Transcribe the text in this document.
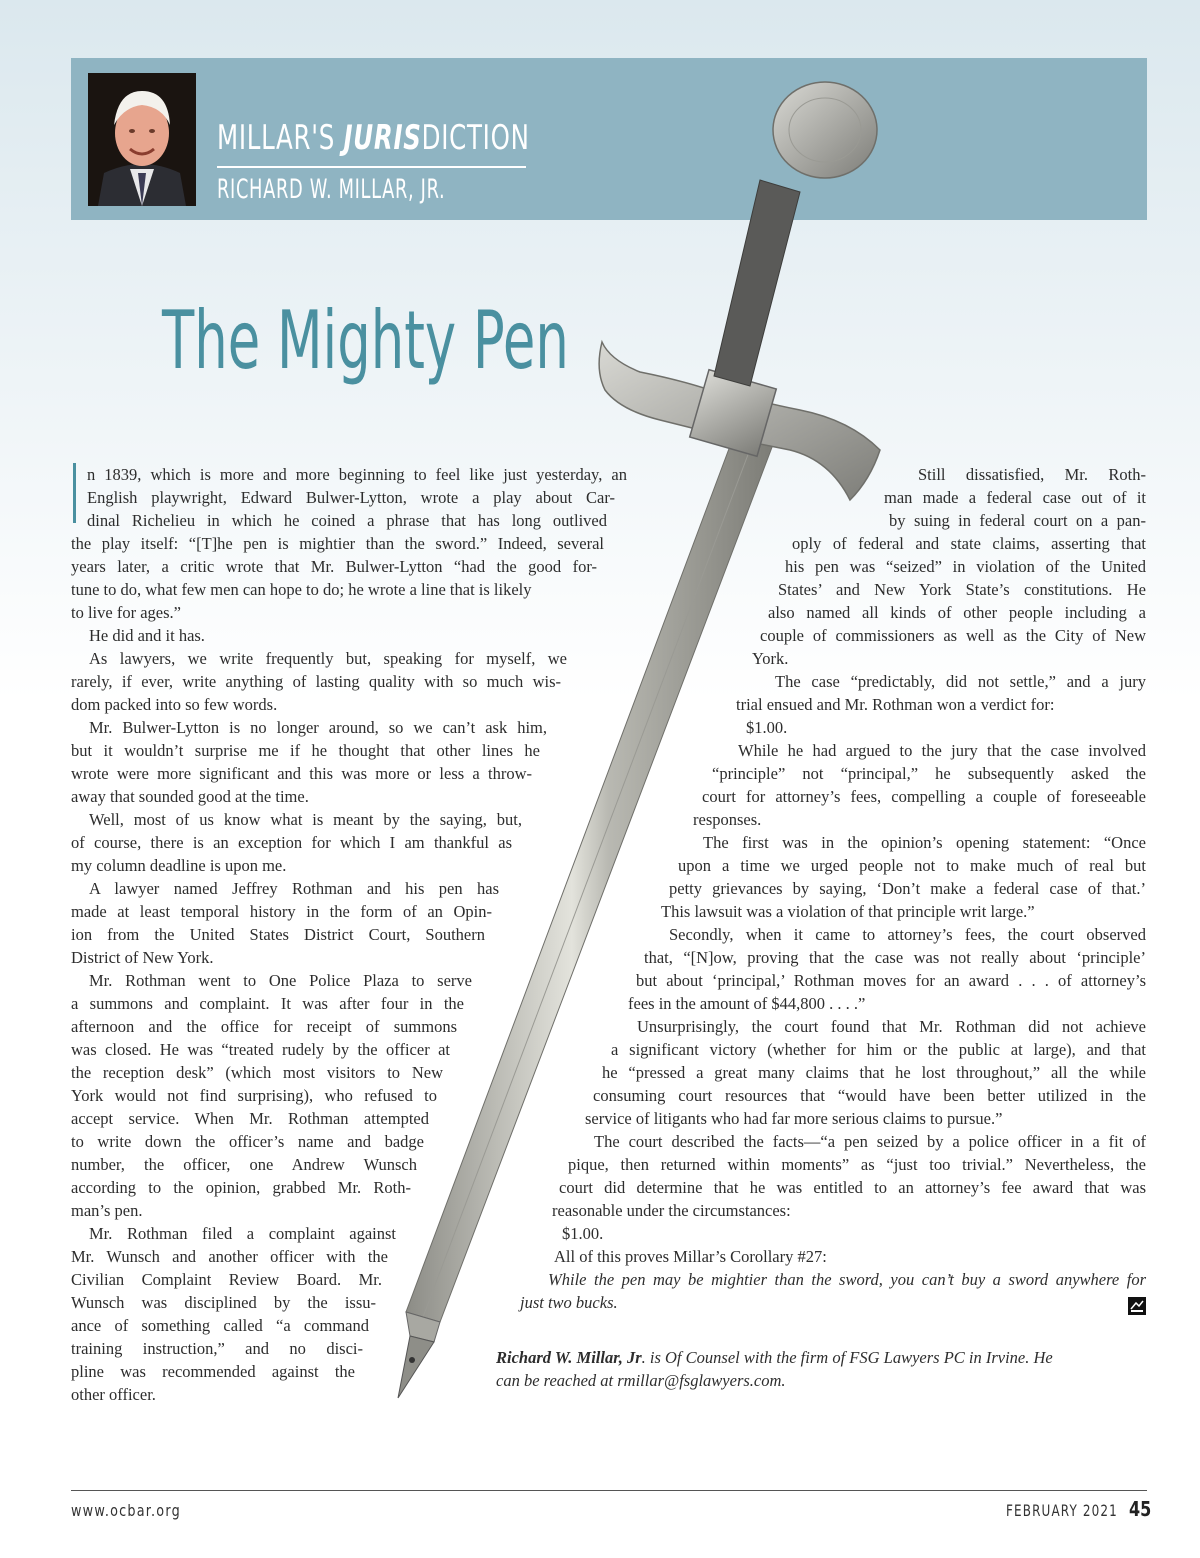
MILLAR'S JURISDICTION
RICHARD W. MILLAR, JR.
The Mighty Pen
n 1839, which is more and more beginning to feel like just yesterday, an
English playwright, Edward Bulwer-Lytton, wrote a play about Car-
dinal Richelieu in which he coined a phrase that has long outlived
the play itself: “[T]he pen is mightier than the sword.” Indeed, several
years later, a critic wrote that Mr. Bulwer-Lytton “had the good for-
tune to do, what few men can hope to do; he wrote a line that is likely
to live for ages.”
He did and it has.
As lawyers, we write frequently but, speaking for myself, we
rarely, if ever, write anything of lasting quality with so much wis-
dom packed into so few words.
Mr. Bulwer-Lytton is no longer around, so we can’t ask him,
but it wouldn’t surprise me if he thought that other lines he
wrote were more significant and this was more or less a throw-
away that sounded good at the time.
Well, most of us know what is meant by the saying, but,
of course, there is an exception for which I am thankful as
my column deadline is upon me.
A lawyer named Jeffrey Rothman and his pen has
made at least temporal history in the form of an Opin-
ion from the United States District Court, Southern
District of New York.
Mr. Rothman went to One Police Plaza to serve
a summons and complaint. It was after four in the
afternoon and the office for receipt of summons
was closed. He was “treated rudely by the officer at
the reception desk” (which most visitors to New
York would not find surprising), who refused to
accept service. When Mr. Rothman attempted
to write down the officer’s name and badge
number, the officer, one Andrew Wunsch
according to the opinion, grabbed Mr. Roth-
man’s pen.
Mr. Rothman filed a complaint against
Mr. Wunsch and another officer with the
Civilian Complaint Review Board. Mr.
Wunsch was disciplined by the issu-
ance of something called “a command
training instruction,” and no disci-
pline was recommended against the
other officer.
Still dissatisfied, Mr. Roth-
man made a federal case out of it
by suing in federal court on a pan-
oply of federal and state claims, asserting that
his pen was “seized” in violation of the United
States’ and New York State’s constitutions. He
also named all kinds of other people including a
couple of commissioners as well as the City of New
York.
The case “predictably, did not settle,” and a jury
trial ensued and Mr. Rothman won a verdict for:
$1.00.
While he had argued to the jury that the case involved
“principle” not “principal,” he subsequently asked the
court for attorney’s fees, compelling a couple of foreseeable
responses.
The first was in the opinion’s opening statement: “Once
upon a time we urged people not to make much of real but
petty grievances by saying, ‘Don’t make a federal case of that.’
This lawsuit was a violation of that principle writ large.”
Secondly, when it came to attorney’s fees, the court observed
that, “[N]ow, proving that the case was not really about ‘principle’
but about ‘principal,’ Rothman moves for an award . . . of attorney’s
fees in the amount of $44,800 . . . .”
Unsurprisingly, the court found that Mr. Rothman did not achieve
a significant victory (whether for him or the public at large), and that
he “pressed a great many claims that he lost throughout,” all the while
consuming court resources that “would have been better utilized in the
service of litigants who had far more serious claims to pursue.”
The court described the facts—“a pen seized by a police officer in a fit of
pique, then returned within moments” as “just too trivial.” Nevertheless, the
court did determine that he was entitled to an attorney’s fee award that was
reasonable under the circumstances:
$1.00.
All of this proves Millar’s Corollary #27:
While the pen may be mightier than the sword, you can’t buy a sword anywhere for
just two bucks.
Richard W. Millar, Jr. is Of Counsel with the firm of FSG Lawyers PC in Irvine. He
can be reached at rmillar@fsglawyers.com.
www.ocbar.org	FEBRUARY 2021 45
